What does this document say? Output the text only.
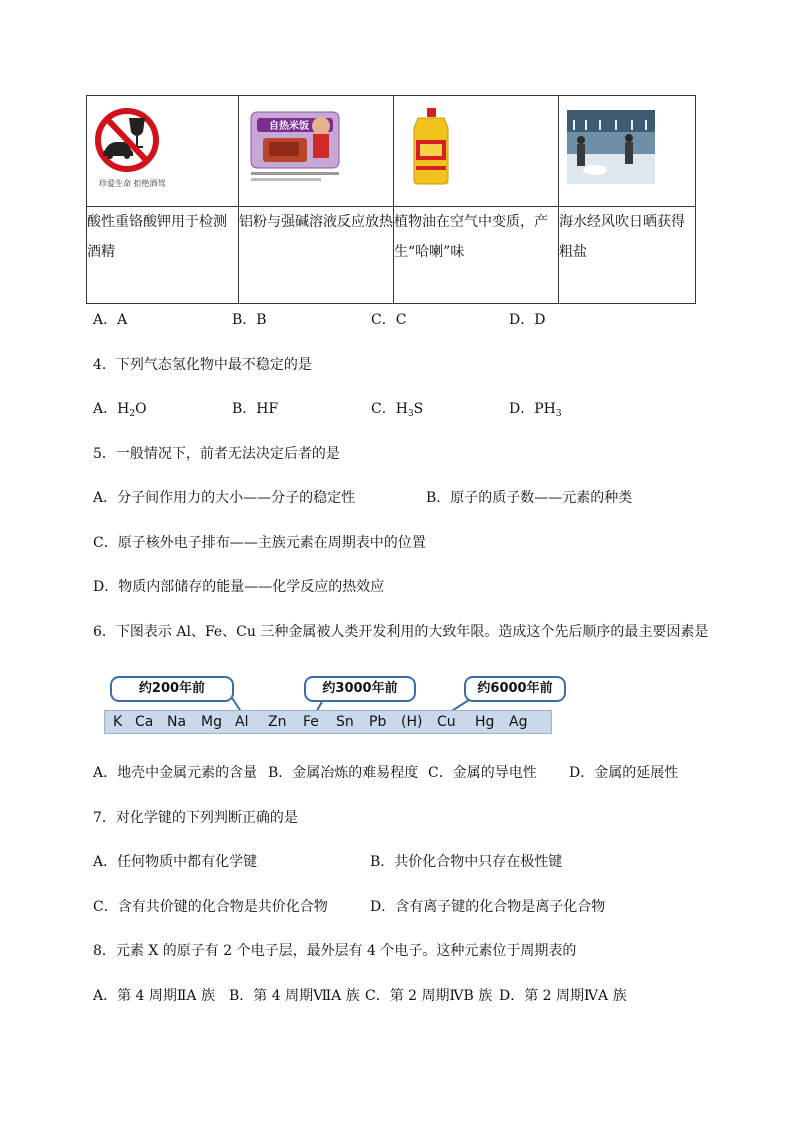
珍爱生命 拒绝酒驾	自热米饭

酸性重铬酸钾用于检测酒精	铝粉与强碱溶液反应放热	植物油在空气中变质，产生“哈喇”味	海水经风吹日晒获得粗盐
A．A	B．B	C．C	D．D
4．下列气态氢化物中最不稳定的是
A．$H_2O$	B．HF	C．$H_3S$	D．$PH_3$
5．一般情况下，前者无法决定后者的是
A．分子间作用力的大小——分子的稳定性	B．原子的质子数——元素的种类
C．原子核外电子排布——主族元素在周期表中的位置
D．物质内部储存的能量——化学反应的热效应
6．下图表示 Al、Fe、Cu 三种金属被人类开发利用的大致年限。造成这个先后顺序的最主要因素是
约200年前	约3000年前	约6000年前
K Ca Na Mg Al Zn Fe Sn Pb (H) Cu Hg Ag
A．地壳中金属元素的含量 B．金属冶炼的难易程度 C．金属的导电性 D．金属的延展性
7．对化学键的下列判断正确的是
A．任何物质中都有化学键	B．共价化合物中只存在极性键
C．含有共价键的化合物是共价化合物	D．含有离子键的化合物是离子化合物
8．元素 X 的原子有 2 个电子层，最外层有 4 个电子。这种元素位于周期表的
A．第 4 周期ⅡA 族 B．第 4 周期ⅦA 族 C．第 2 周期ⅣB 族 D．第 2 周期ⅣA 族
